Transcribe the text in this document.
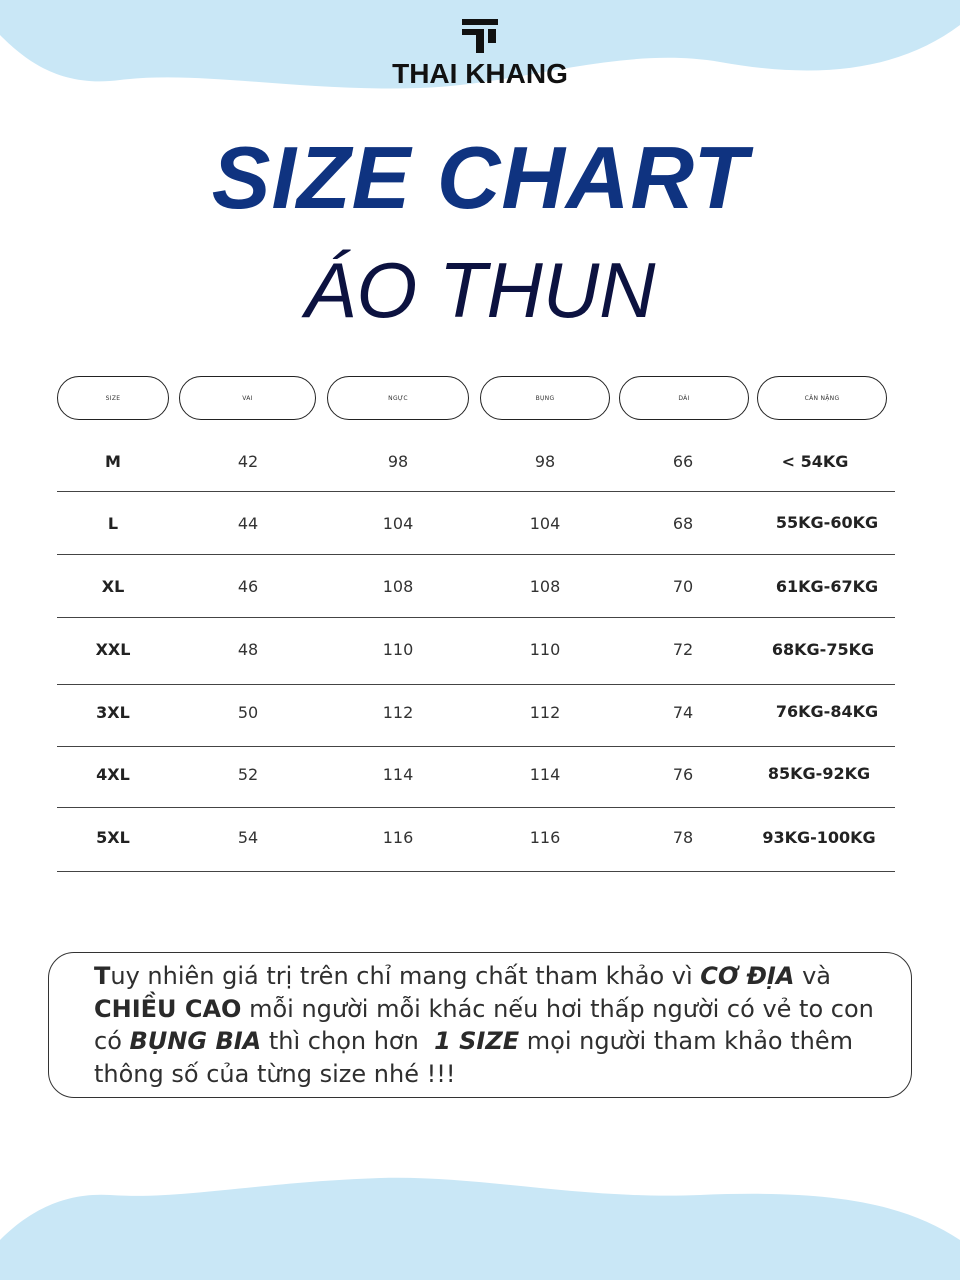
THAI KHANG
SIZE CHART
ÁO THUN
SIZE	VAI	NGỰC	BỤNG	DÀI	CÂN NẶNG
M	42	98	98	66	< 54KG
L	44	104	104	68	55KG-60KG
XL	46	108	108	70	61KG-67KG
XXL	48	110	110	72	68KG-75KG
3XL	50	112	112	74	76KG-84KG
4XL	52	114	114	76	85KG-92KG
5XL	54	116	116	78	93KG-100KG
Tuy nhiên giá trị trên chỉ mang chất tham khảo vì CƠ ĐỊA và CHIỀU CAO mỗi người mỗi khác nếu hơi thấp người có vẻ to con có BỤNG BIA thì chọn hơn  1 SIZE mọi người tham khảo thêm thông số của từng size nhé !!!
